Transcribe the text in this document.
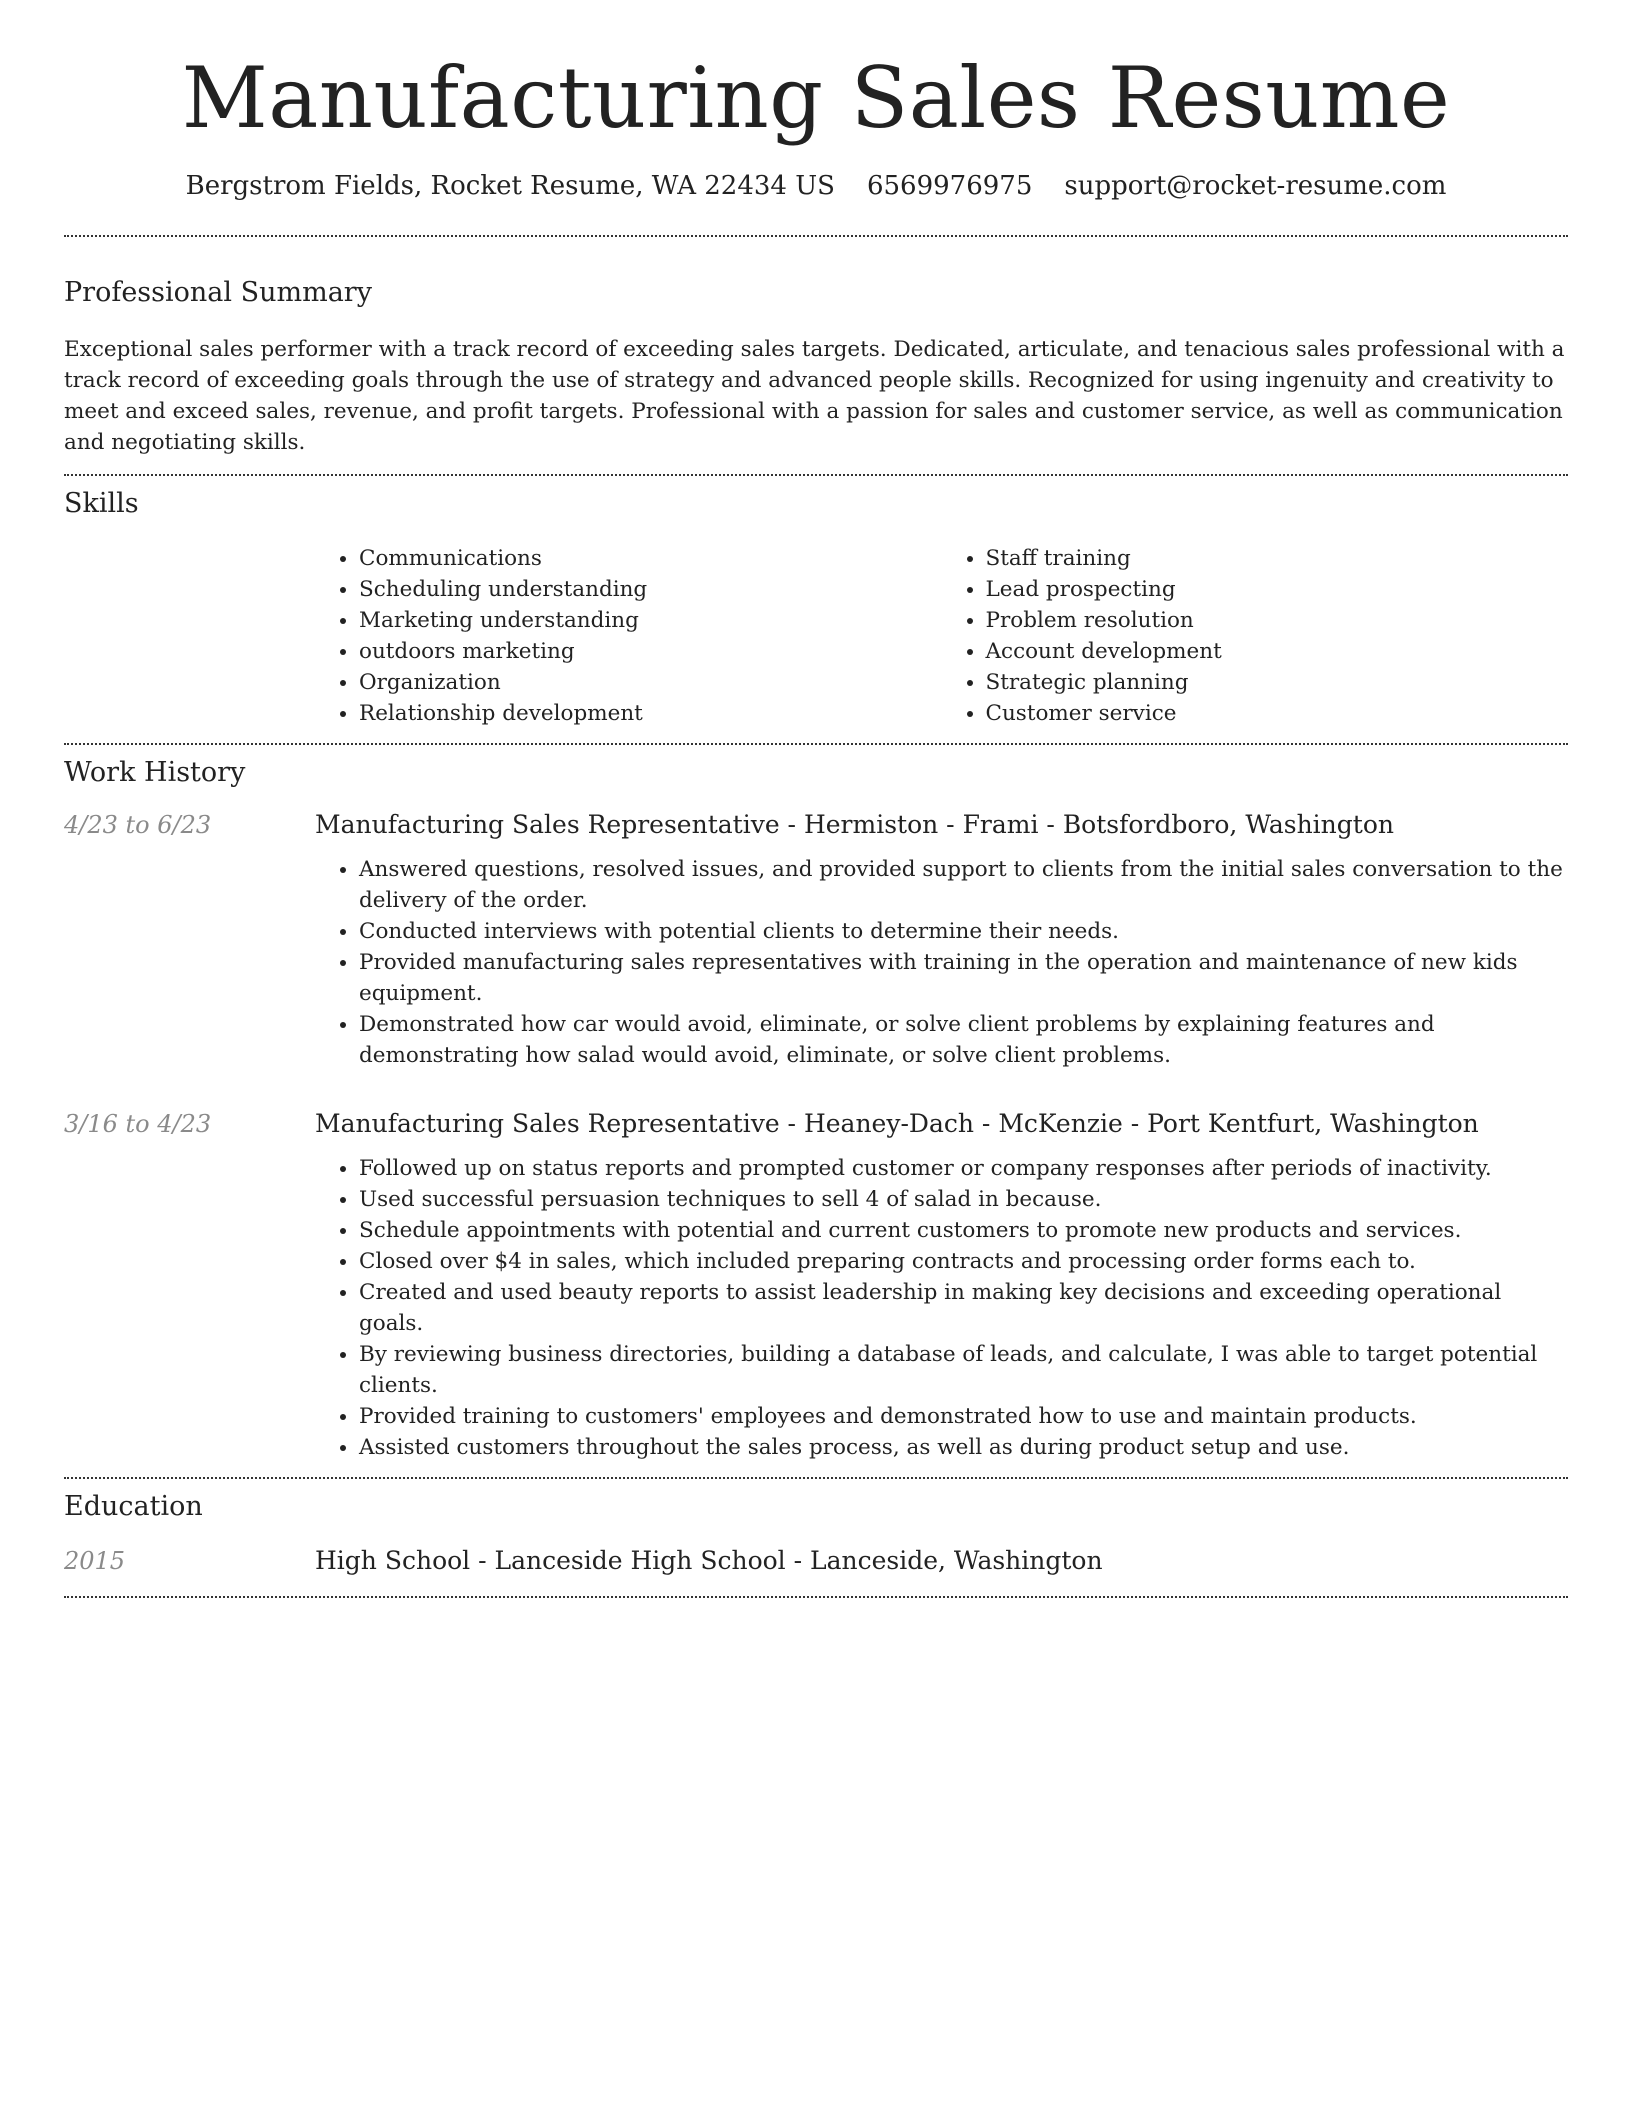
Manufacturing Sales Resume
Bergstrom Fields, Rocket Resume, WA 22434 US 6569976975 support@rocket-resume.com
Professional Summary

Exceptional sales performer with a track record of exceeding sales targets. Dedicated, articulate, and tenacious sales professional with a track record of exceeding goals through the use of strategy and advanced people skills. Recognized for using ingenuity and creativity to meet and exceed sales, revenue, and profit targets. Professional with a passion for sales and customer service, as well as communication and negotiating skills.

Skills
• Communications
• Scheduling understanding
• Marketing understanding
• outdoors marketing
• Organization
• Relationship development
• Staff training
• Lead prospecting
• Problem resolution
• Account development
• Strategic planning
• Customer service
Work History
4/23 to 6/23	Manufacturing Sales Representative - Hermiston - Frami - Botsfordboro, Washington
• Answered questions, resolved issues, and provided support to clients from the initial sales conversation to the delivery of the order.
• Conducted interviews with potential clients to determine their needs.
• Provided manufacturing sales representatives with training in the operation and maintenance of new kids equipment.
• Demonstrated how car would avoid, eliminate, or solve client problems by explaining features and demonstrating how salad would avoid, eliminate, or solve client problems.
3/16 to 4/23	Manufacturing Sales Representative - Heaney-Dach - McKenzie - Port Kentfurt, Washington
• Followed up on status reports and prompted customer or company responses after periods of inactivity.
• Used successful persuasion techniques to sell 4 of salad in because.
• Schedule appointments with potential and current customers to promote new products and services.
• Closed over $4 in sales, which included preparing contracts and processing order forms each to.
• Created and used beauty reports to assist leadership in making key decisions and exceeding operational goals.
• By reviewing business directories, building a database of leads, and calculate, I was able to target potential clients.
• Provided training to customers' employees and demonstrated how to use and maintain products.
• Assisted customers throughout the sales process, as well as during product setup and use.
Education
2015	High School - Lanceside High School - Lanceside, Washington
